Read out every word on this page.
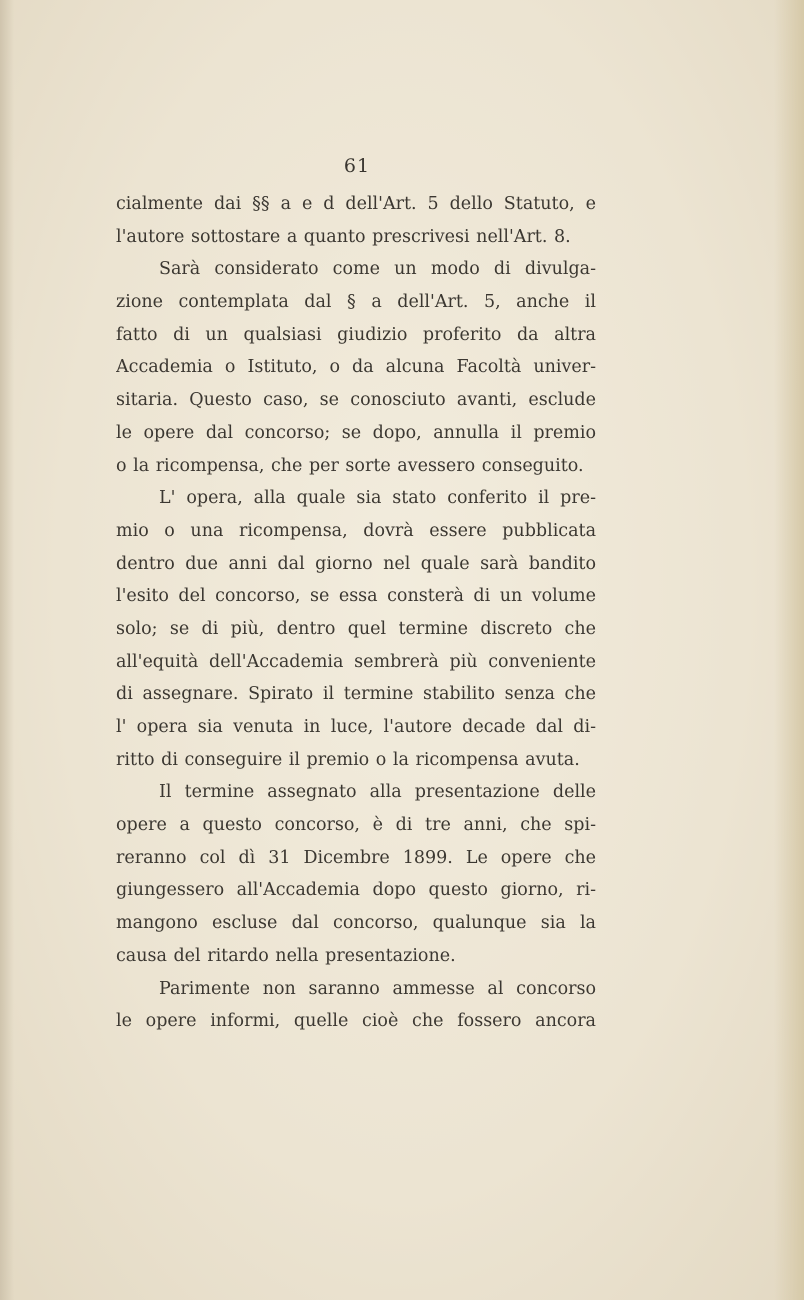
61
cialmente dai §§ a e d dell'Art. 5 dello Statuto, e
l'autore sottostare a quanto prescrivesi nell'Art. 8.
Sarà considerato come un modo di divulga-
zione contemplata dal § a dell'Art. 5, anche il
fatto di un qualsiasi giudizio proferito da altra
Accademia o Istituto, o da alcuna Facoltà univer-
sitaria. Questo caso, se conosciuto avanti, esclude
le opere dal concorso; se dopo, annulla il premio
o la ricompensa, che per sorte avessero conseguito.
L' opera, alla quale sia stato conferito il pre-
mio o una ricompensa, dovrà essere pubblicata
dentro due anni dal giorno nel quale sarà bandito
l'esito del concorso, se essa consterà di un volume
solo; se di più, dentro quel termine discreto che
all'equità dell'Accademia sembrerà più conveniente
di assegnare. Spirato il termine stabilito senza che
l' opera sia venuta in luce, l'autore decade dal di-
ritto di conseguire il premio o la ricompensa avuta.
Il termine assegnato alla presentazione delle
opere a questo concorso, è di tre anni, che spi-
reranno col dì 31 Dicembre 1899. Le opere che
giungessero all'Accademia dopo questo giorno, ri-
mangono escluse dal concorso, qualunque sia la
causa del ritardo nella presentazione.
Parimente non saranno ammesse al concorso
le opere informi, quelle cioè che fossero ancora
